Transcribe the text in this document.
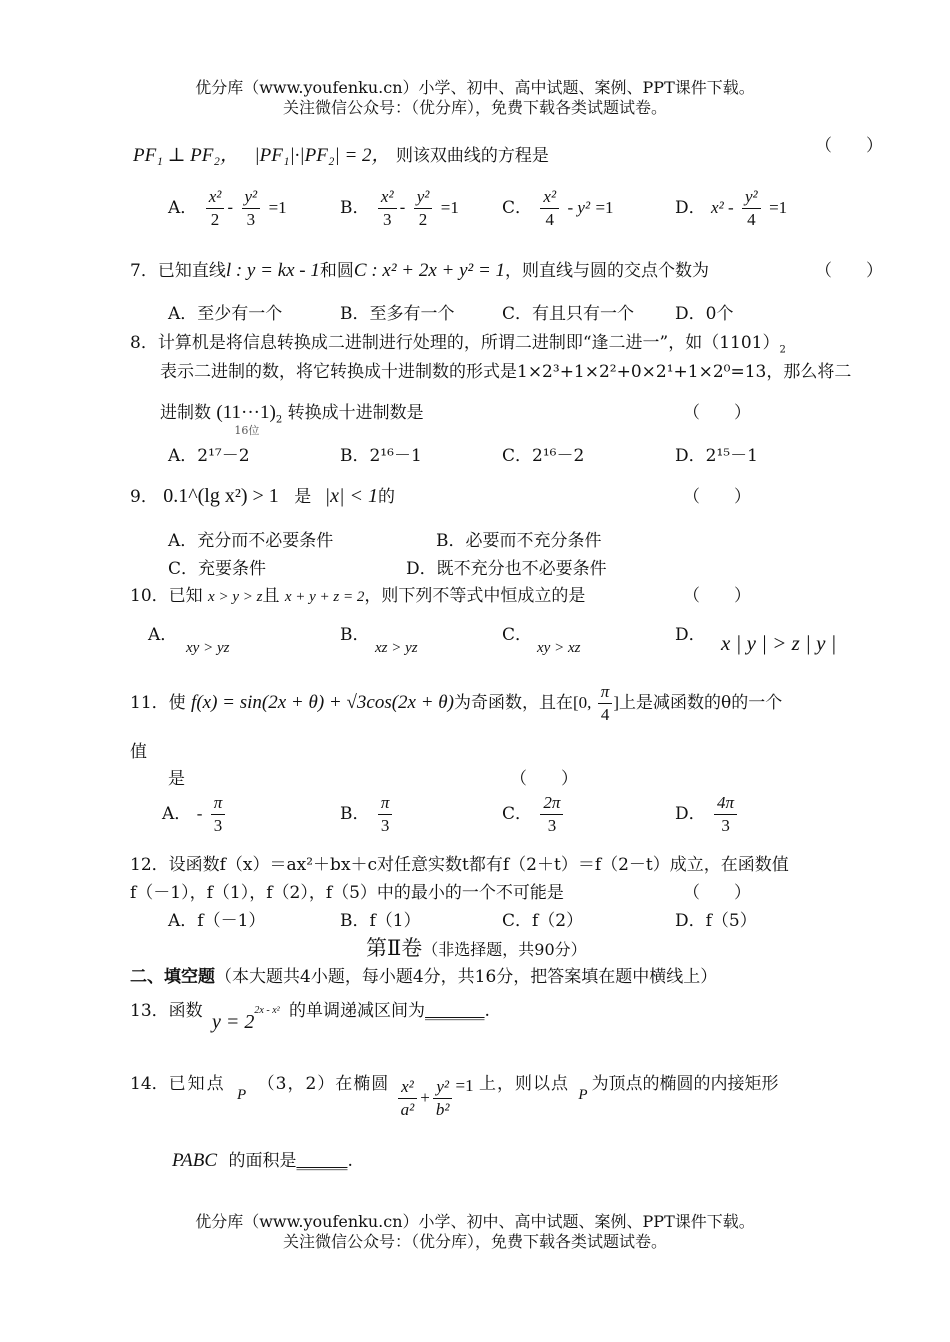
优分库（www.youfenku.cn）小学、初中、高中试题、案例、PPT课件下载。
关注微信公众号：（优分库），免费下载各类试题试卷。
PF₁ ⊥ PF₂， |PF₁|·|PF₂| = 2， 则该双曲线的方程是	（　　）
A． $\frac{\text{x²}}{2} - \frac{\text{y²}}{3} =1$	B． $\frac{\text{x²}}{3} - \frac{\text{y²}}{2} =1$	C． $\frac{\text{x²}}{4} - y^2 =1$	D． $x^2 - \frac{\text{y²}}{4} =1$
7．已知直线l : y = kx - 1和圆C : x² + 2x + y² = 1，则直线与圆的交点个数为	（　　）
A．至少有一个	B．至多有一个	C．有且只有一个 D．0个
8．计算机是将信息转换成二进制进行处理的，所谓二进制即“逢二进一”，如$(1101)_2$
表示二进制的数，将它转换成十进制数的形式是1×2³+1×2²+0×2¹+1×2⁰=13，那么将二
进制数 $(11\cdot\cdot\cdot 1)_2$
16位
转换成十进制数是	（　　）
A．2¹⁷－2	B．2¹⁶－1	C．2¹⁶－2	D．2¹⁵－1
9． 0.1^(lg x²) > 1 是 |x| < 1的	（　　）
A．充分而不必要条件	B．必要而不充分条件
C．充要条件	D．既不充分也不必要条件
10．已知 x > y > z且 x + y + z = 2，则下列不等式中恒成立的是	（　　）
A．
xy > yz
B．
xz > yz
C．
xy > xz
D． x | y | > z | y |
11．使 f(x) = sin(2x + θ) + √3cos(2x + θ)为奇函数，且在[0, $\frac{\pi}{4}$ ]上是减函数的θ的一个
值
是	（　　）
A． - $\frac{\pi}{3}$	B． $\frac{\pi}{3}$	C． $\frac{2\pi}{3}$	D． $\frac{4\pi}{3}$
12．设函数f（x）＝ax²＋bx＋c对任意实数t都有f（2＋t）＝f（2－t）成立，在函数值
f（－1），f（1），f（2），f（5）中的最小的一个不可能是	（　　）
A．f（－1）	B．f（1）	C．f（2）	D．f（5）
第Ⅱ卷（非选择题，共90分）
二、填空题（本大题共4小题，每小题4分，共16分，把答案填在题中横线上）
13．函数 $y = 2^{2x - x^2}$ 的单调递减区间为_______.
14．已知点 P （3，2）在椭圆 $\frac{\text{x²}}{\text{a²}} + \frac{\text{y²}}{\text{b²}} =1$ 上，则以点 P为顶点的椭圆的内接矩形
PABC 的面积是______.
优分库（www.youfenku.cn）小学、初中、高中试题、案例、PPT课件下载。
关注微信公众号：（优分库），免费下载各类试题试卷。
